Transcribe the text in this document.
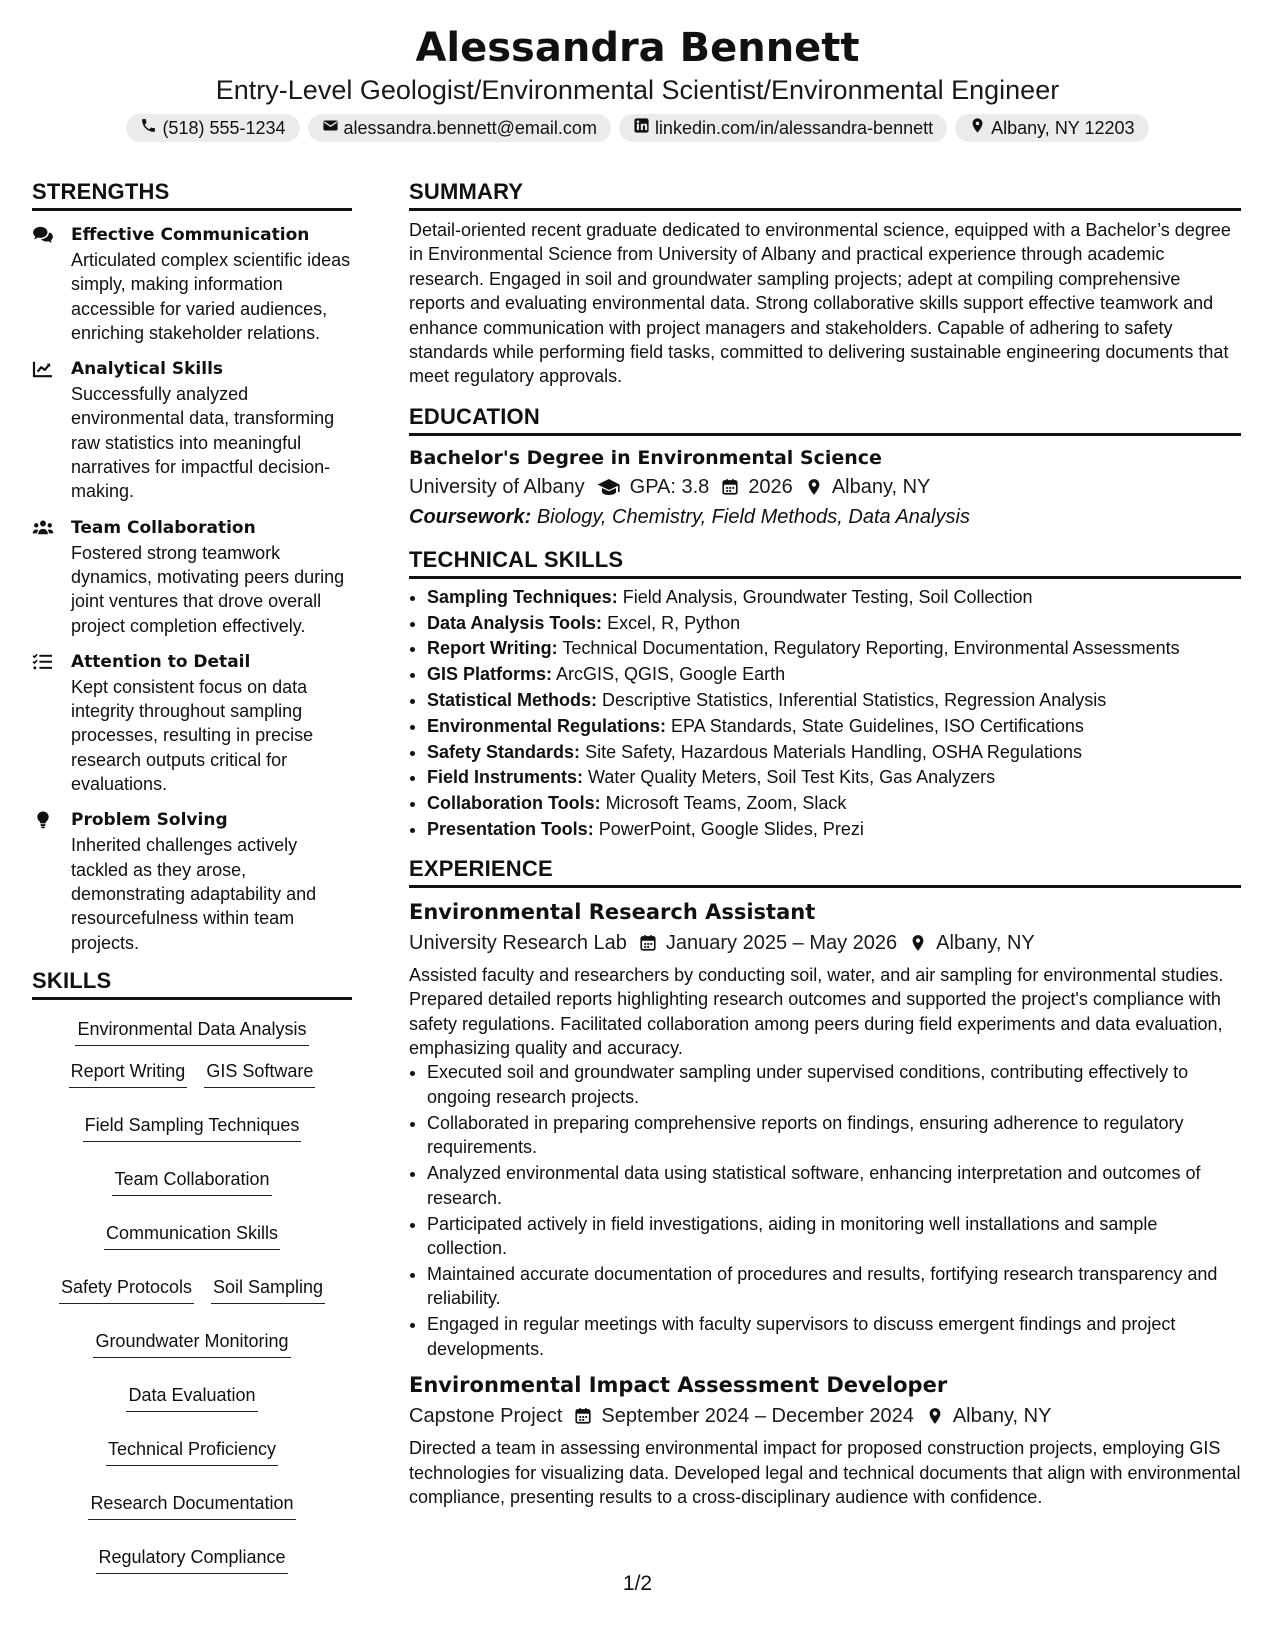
Alessandra Bennett
Entry-Level Geologist/Environmental Scientist/Environmental Engineer
(518) 555-1234	alessandra.bennett@email.com	linkedin.com/in/alessandra-bennett	Albany, NY 12203
STRENGTHS
Effective Communication
Articulated complex scientific ideas simply, making information accessible for varied audiences, enriching stakeholder relations.
Analytical Skills
Successfully analyzed environmental data, transforming raw statistics into meaningful narratives for impactful decision-making.
Team Collaboration
Fostered strong teamwork dynamics, motivating peers during joint ventures that drove overall project completion effectively.
Attention to Detail
Kept consistent focus on data integrity throughout sampling processes, resulting in precise research outputs critical for evaluations.
Problem Solving
Inherited challenges actively tackled as they arose, demonstrating adaptability and resourcefulness within team projects.
SKILLS
Environmental Data Analysis
Report Writing GIS Software
Field Sampling Techniques
Team Collaboration
Communication Skills
Safety Protocols Soil Sampling
Groundwater Monitoring
Data Evaluation
Technical Proficiency
Research Documentation
Regulatory Compliance
SUMMARY
Detail-oriented recent graduate dedicated to environmental science, equipped with a Bachelor’s degree in Environmental Science from University of Albany and practical experience through academic research. Engaged in soil and groundwater sampling projects; adept at compiling comprehensive reports and evaluating environmental data. Strong collaborative skills support effective teamwork and enhance communication with project managers and stakeholders. Capable of adhering to safety standards while performing field tasks, committed to delivering sustainable engineering documents that meet regulatory approvals.
EDUCATION
Bachelor's Degree in Environmental Science
University of Albany GPA: 3.8 2026 Albany, NY
Coursework: Biology, Chemistry, Field Methods, Data Analysis
TECHNICAL SKILLS
• Sampling Techniques: Field Analysis, Groundwater Testing, Soil Collection
• Data Analysis Tools: Excel, R, Python
• Report Writing: Technical Documentation, Regulatory Reporting, Environmental Assessments
• GIS Platforms: ArcGIS, QGIS, Google Earth
• Statistical Methods: Descriptive Statistics, Inferential Statistics, Regression Analysis
• Environmental Regulations: EPA Standards, State Guidelines, ISO Certifications
• Safety Standards: Site Safety, Hazardous Materials Handling, OSHA Regulations
• Field Instruments: Water Quality Meters, Soil Test Kits, Gas Analyzers
• Collaboration Tools: Microsoft Teams, Zoom, Slack
• Presentation Tools: PowerPoint, Google Slides, Prezi
EXPERIENCE
Environmental Research Assistant
University Research Lab January 2025 – May 2026 Albany, NY
Assisted faculty and researchers by conducting soil, water, and air sampling for environmental studies. Prepared detailed reports highlighting research outcomes and supported the project's compliance with safety regulations. Facilitated collaboration among peers during field experiments and data evaluation, emphasizing quality and accuracy.
• Executed soil and groundwater sampling under supervised conditions, contributing effectively to ongoing research projects.
• Collaborated in preparing comprehensive reports on findings, ensuring adherence to regulatory requirements.
• Analyzed environmental data using statistical software, enhancing interpretation and outcomes of research.
• Participated actively in field investigations, aiding in monitoring well installations and sample collection.
• Maintained accurate documentation of procedures and results, fortifying research transparency and reliability.
• Engaged in regular meetings with faculty supervisors to discuss emergent findings and project developments.
Environmental Impact Assessment Developer
Capstone Project September 2024 – December 2024 Albany, NY
Directed a team in assessing environmental impact for proposed construction projects, employing GIS technologies for visualizing data. Developed legal and technical documents that align with environmental compliance, presenting results to a cross-disciplinary audience with confidence.
1/2
